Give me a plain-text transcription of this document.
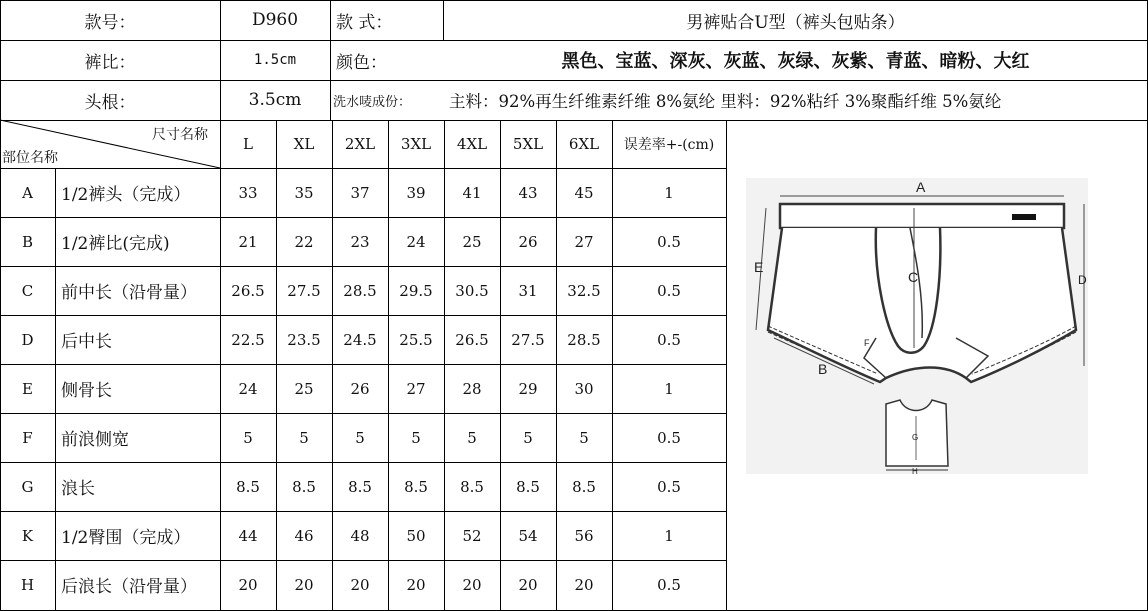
款号：	D960	款 式：	男裤贴合U型（裤头包贴条）
裤比：	1.5cm	颜色：	黑色、宝蓝、深灰、灰蓝、灰绿、灰紫、青蓝、暗粉、大红
头根：	3.5cm	洗水唛成份：	主料：92%再生纤维素纤维 8%氨纶 里料：92%粘纤 3%聚酯纤维 5%氨纶
尺寸名称
部位名称
L	XL	2XL	3XL	4XL	5XL	6XL	误差率+-(cm)
A	1/2裤头（完成）	33	35	37	39	41	43	45	1
B	1/2裤比(完成)	21	22	23	24	25	26	27	0.5
C	前中长（沿骨量）	26.5	27.5	28.5	29.5	30.5	31	32.5	0.5
D	后中长	22.5	23.5	24.5	25.5	26.5	27.5	28.5	0.5
E	侧骨长	24	25	26	27	28	29	30	1
F	前浪侧宽	5	5	5	5	5	5	5	0.5
G	浪长	8.5	8.5	8.5	8.5	8.5	8.5	8.5	0.5
K	1/2臀围（完成）	44	46	48	50	52	54	56	1
H	后浪长（沿骨量）	20	20	20	20	20	20	20	0.5
A
C	D
E
F
B
G
H
